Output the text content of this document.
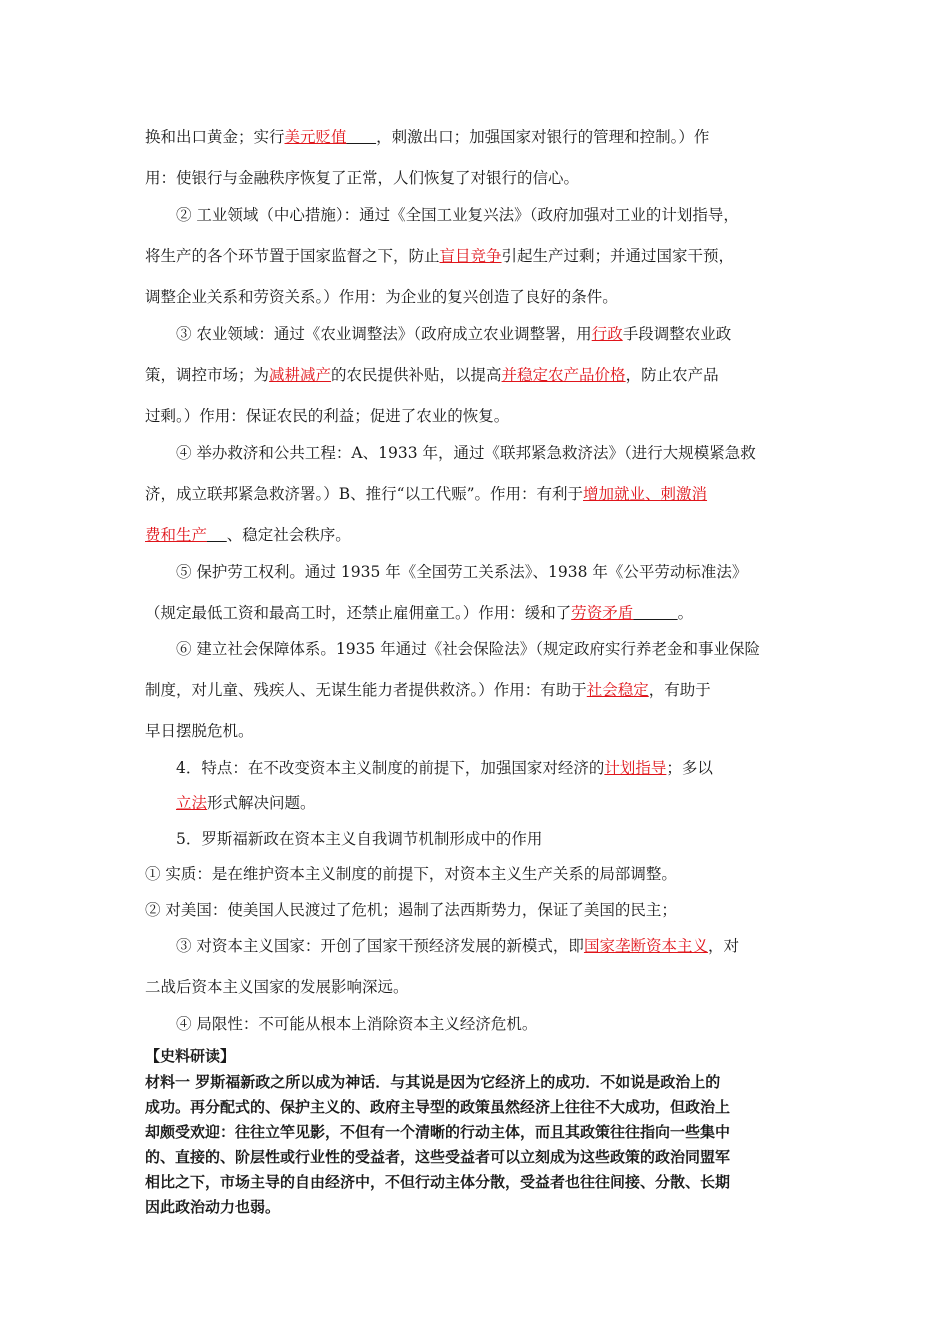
换和出口黄金；实行美元贬值 ，刺激出口；加强国家对银行的管理和控制。）作
用：使银行与金融秩序恢复了正常，人们恢复了对银行的信心。
② 工业领域（中心措施）：通过《全国工业复兴法》（政府加强对工业的计划指导，
将生产的各个环节置于国家监督之下，防止盲目竞争引起生产过剩；并通过国家干预，
调整企业关系和劳资关系。）作用：为企业的复兴创造了良好的条件。
③ 农业领域：通过《农业调整法》（政府成立农业调整署，用行政手段调整农业政
策，调控市场；为减耕减产的农民提供补贴，以提高并稳定农产品价格，防止农产品
过剩。）作用：保证农民的利益；促进了农业的恢复。
④ 举办救济和公共工程：A、1933 年，通过《联邦紧急救济法》（进行大规模紧急救
济，成立联邦紧急救济署。）B、推行“以工代赈”。作用：有利于增加就业、刺激消
费和生产 、稳定社会秩序。
⑤ 保护劳工权利。通过 1935 年《全国劳工关系法》、1938 年《公平劳动标准法》
（规定最低工资和最高工时，还禁止雇佣童工。）作用：缓和了劳资矛盾	。
⑥ 建立社会保障体系。1935 年通过《社会保险法》（规定政府实行养老金和事业保险
制度，对儿童、残疾人、无谋生能力者提供救济。）作用：有助于社会稳定，有助于
早日摆脱危机。
4．特点：在不改变资本主义制度的前提下，加强国家对经济的计划指导；多以
立法形式解决问题。
5．罗斯福新政在资本主义自我调节机制形成中的作用
① 实质：是在维护资本主义制度的前提下，对资本主义生产关系的局部调整。
② 对美国：使美国人民渡过了危机；遏制了法西斯势力，保证了美国的民主；
③ 对资本主义国家：开创了国家干预经济发展的新模式，即国家垄断资本主义，对
二战后资本主义国家的发展影响深远。
④ 局限性：不可能从根本上消除资本主义经济危机。
【史料研读】
材料一 罗斯福新政之所以成为神话．与其说是因为它经济上的成功．不如说是政治上的
成功。再分配式的、保护主义的、政府主导型的政策虽然经济上往往不大成功，但政治上
却颇受欢迎：往往立竿见影，不但有一个清晰的行动主体，而且其政策往往指向一些集中
的、直接的、阶层性或行业性的受益者，这些受益者可以立刻成为这些政策的政治同盟军
相比之下，市场主导的自由经济中，不但行动主体分散，受益者也往往间接、分散、长期
因此政治动力也弱。
